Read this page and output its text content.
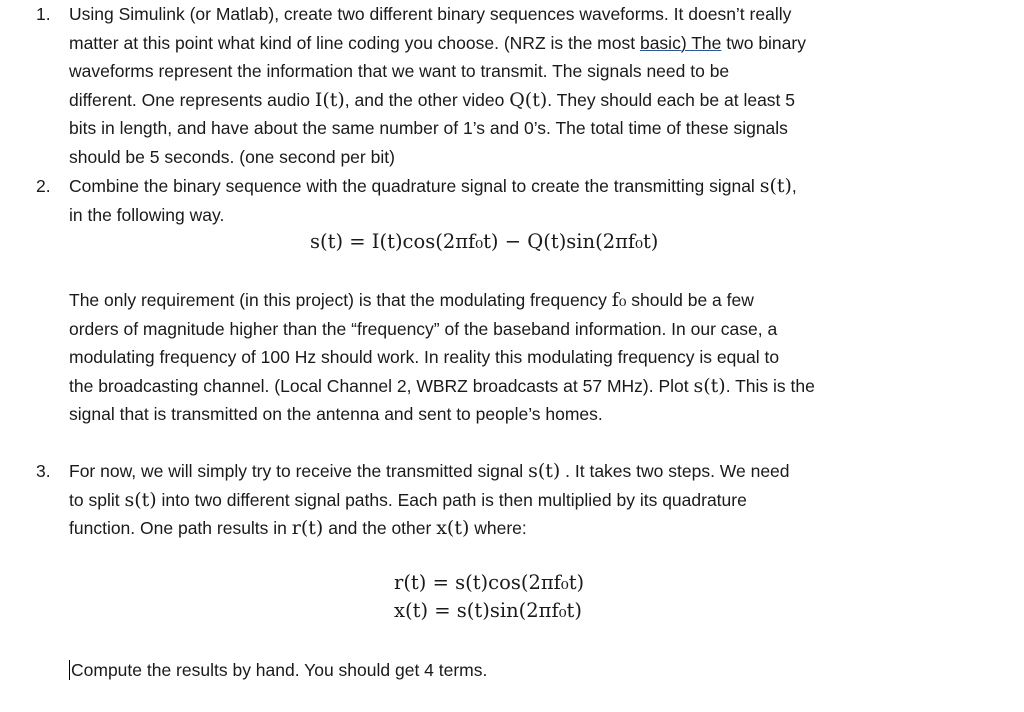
1.	Using Simulink (or Matlab), create two different binary sequences waveforms. It doesn’t really
matter at this point what kind of line coding you choose. (NRZ is the most basic) The two binary
waveforms represent the information that we want to transmit. The signals need to be
different. One represents audio I(t), and the other video Q(t). They should each be at least 5
bits in length, and have about the same number of 1’s and 0’s. The total time of these signals
should be 5 seconds. (one second per bit)
2.	Combine the binary sequence with the quadrature signal to create the transmitting signal s(t),
in the following way.
s(t) = I(t)cos(2πf₀t) − Q(t)sin(2πf₀t)
The only requirement (in this project) is that the modulating frequency f₀ should be a few
orders of magnitude higher than the “frequency” of the baseband information. In our case, a
modulating frequency of 100 Hz should work. In reality this modulating frequency is equal to
the broadcasting channel. (Local Channel 2, WBRZ broadcasts at 57 MHz). Plot s(t). This is the
signal that is transmitted on the antenna and sent to people’s homes.
3.	For now, we will simply try to receive the transmitted signal s(t) . It takes two steps. We need
to split s(t) into two different signal paths. Each path is then multiplied by its quadrature
function. One path results in r(t) and the other x(t) where:
r(t) = s(t)cos(2πf₀t)
x(t) = s(t)sin(2πf₀t)
Compute the results by hand. You should get 4 terms.
